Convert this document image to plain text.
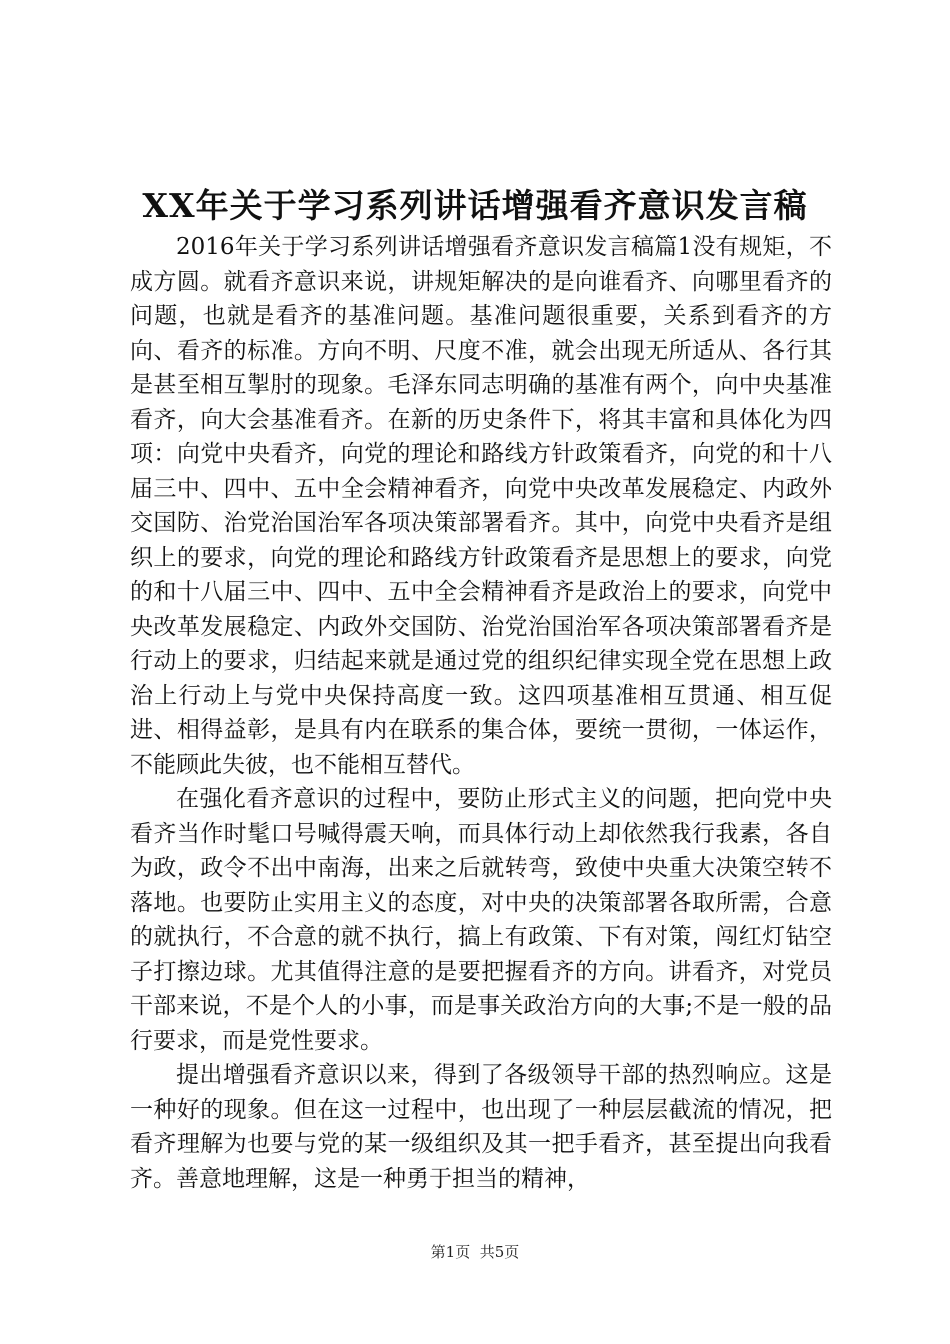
XX年关于学习系列讲话增强看齐意识发言稿

2016年关于学习系列讲话增强看齐意识发言稿篇1没有规矩，不成方圆。就看齐意识来说，讲规矩解决的是向谁看齐、向哪里看齐的问题，也就是看齐的基准问题。基准问题很重要，关系到看齐的方向、看齐的标准。方向不明、尺度不准，就会出现无所适从、各行其是甚至相互掣肘的现象。毛泽东同志明确的基准有两个，向中央基准看齐，向大会基准看齐。在新的历史条件下，将其丰富和具体化为四项：向党中央看齐，向党的理论和路线方针政策看齐，向党的和十八届三中、四中、五中全会精神看齐，向党中央改革发展稳定、内政外交国防、治党治国治军各项决策部署看齐。其中，向党中央看齐是组织上的要求，向党的理论和路线方针政策看齐是思想上的要求，向党的和十八届三中、四中、五中全会精神看齐是政治上的要求，向党中央改革发展稳定、内政外交国防、治党治国治军各项决策部署看齐是行动上的要求，归结起来就是通过党的组织纪律实现全党在思想上政治上行动上与党中央保持高度一致。这四项基准相互贯通、相互促进、相得益彰，是具有内在联系的集合体，要统一贯彻，一体运作，不能顾此失彼，也不能相互替代。

在强化看齐意识的过程中，要防止形式主义的问题，把向党中央看齐当作时髦口号喊得震天响，而具体行动上却依然我行我素，各自为政，政令不出中南海，出来之后就转弯，致使中央重大决策空转不落地。也要防止实用主义的态度，对中央的决策部署各取所需，合意的就执行，不合意的就不执行，搞上有政策、下有对策，闯红灯钻空子打擦边球。尤其值得注意的是要把握看齐的方向。讲看齐，对党员干部来说，不是个人的小事，而是事关政治方向的大事;不是一般的品行要求，而是党性要求。

提出增强看齐意识以来，得到了各级领导干部的热烈响应。这是一种好的现象。但在这一过程中，也出现了一种层层截流的情况，把看齐理解为也要与党的某一级组织及其一把手看齐，甚至提出向我看齐。善意地理解，这是一种勇于担当的精神，

第1页 共5页
